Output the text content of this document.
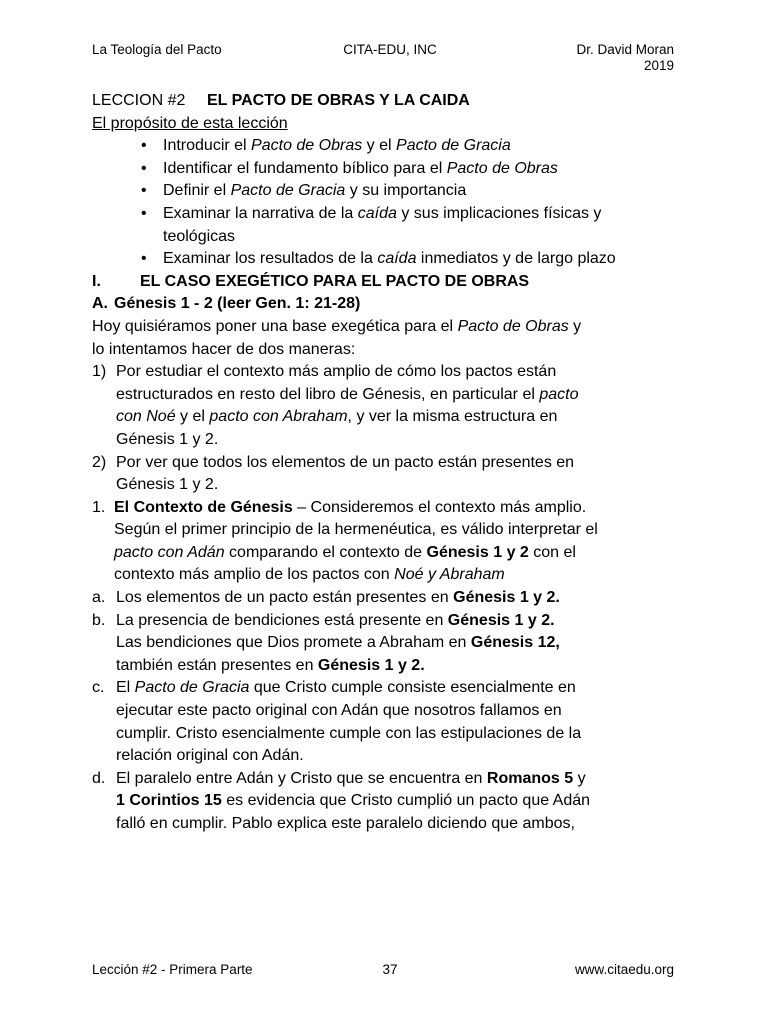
La Teología del Pacto	CITA-EDU, INC	Dr. David Moran
2019
LECCION #2	EL PACTO DE OBRAS Y LA CAIDA
El propósito de esta lección
• Introducir el Pacto de Obras y el Pacto de Gracia
• Identificar el fundamento bíblico para el Pacto de Obras
• Definir el Pacto de Gracia y su importancia
• Examinar la narrativa de la caída y sus implicaciones físicas y
teológicas
• Examinar los resultados de la caída inmediatos y de largo plazo
I.	EL CASO EXEGÉTICO PARA EL PACTO DE OBRAS
A. Génesis 1 - 2 (leer Gen. 1: 21-28)
Hoy quisiéramos poner una base exegética para el Pacto de Obras y
lo intentamos hacer de dos maneras:
1) Por estudiar el contexto más amplio de cómo los pactos están
estructurados en resto del libro de Génesis, en particular el pacto
con Noé y el pacto con Abraham, y ver la misma estructura en
Génesis 1 y 2.
2) Por ver que todos los elementos de un pacto están presentes en
Génesis 1 y 2.
1. El Contexto de Génesis – Consideremos el contexto más amplio.
Según el primer principio de la hermenéutica, es válido interpretar el
pacto con Adán comparando el contexto de Génesis 1 y 2 con el
contexto más amplio de los pactos con Noé y Abraham
a. Los elementos de un pacto están presentes en Génesis 1 y 2.
b. La presencia de bendiciones está presente en Génesis 1 y 2.
Las bendiciones que Dios promete a Abraham en Génesis 12,
también están presentes en Génesis 1 y 2.
c. El Pacto de Gracia que Cristo cumple consiste esencialmente en
ejecutar este pacto original con Adán que nosotros fallamos en
cumplir. Cristo esencialmente cumple con las estipulaciones de la
relación original con Adán.
d. El paralelo entre Adán y Cristo que se encuentra en Romanos 5 y
1 Corintios 15 es evidencia que Cristo cumplió un pacto que Adán
falló en cumplir. Pablo explica este paralelo diciendo que ambos,
Lección #2 - Primera Parte	37	www.citaedu.org
